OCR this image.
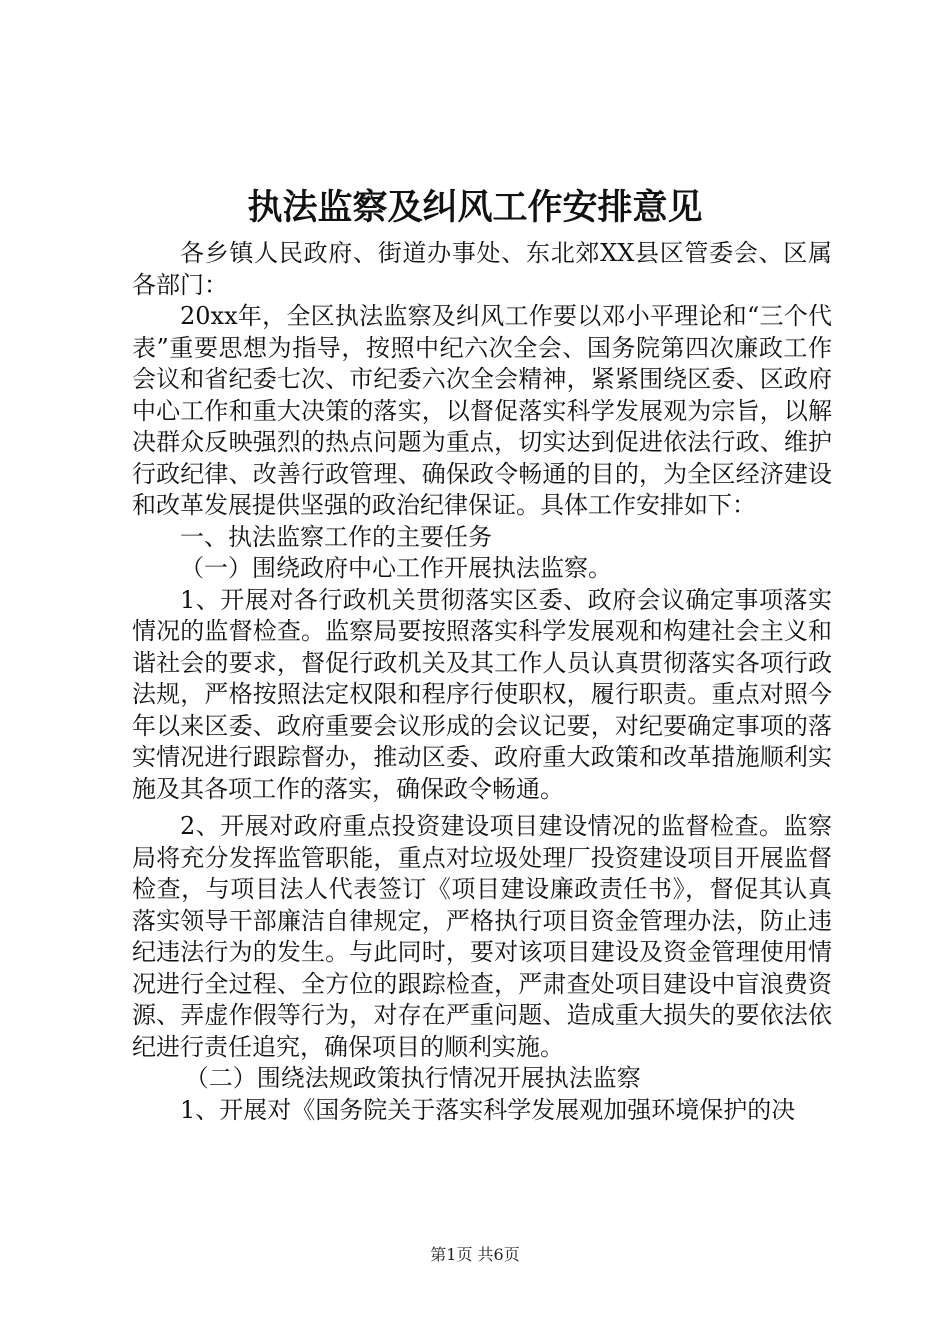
执法监察及纠风工作安排意见

各乡镇人民政府、街道办事处、东北郊XX县区管委会、区属各部门：

20xx年，全区执法监察及纠风工作要以邓小平理论和“三个代表”重要思想为指导，按照中纪六次全会、国务院第四次廉政工作会议和省纪委七次、市纪委六次全会精神，紧紧围绕区委、区政府中心工作和重大决策的落实，以督促落实科学发展观为宗旨，以解决群众反映强烈的热点问题为重点，切实达到促进依法行政、维护行政纪律、改善行政管理、确保政令畅通的目的，为全区经济建设和改革发展提供坚强的政治纪律保证。具体工作安排如下：

一、执法监察工作的主要任务

（一）围绕政府中心工作开展执法监察。

1、开展对各行政机关贯彻落实区委、政府会议确定事项落实情况的监督检查。监察局要按照落实科学发展观和构建社会主义和谐社会的要求，督促行政机关及其工作人员认真贯彻落实各项行政法规，严格按照法定权限和程序行使职权，履行职责。重点对照今年以来区委、政府重要会议形成的会议记要，对纪要确定事项的落实情况进行跟踪督办，推动区委、政府重大政策和改革措施顺利实施及其各项工作的落实，确保政令畅通。

2、开展对政府重点投资建设项目建设情况的监督检查。监察局将充分发挥监管职能，重点对垃圾处理厂投资建设项目开展监督检查，与项目法人代表签订《项目建设廉政责任书》，督促其认真落实领导干部廉洁自律规定，严格执行项目资金管理办法，防止违纪违法行为的发生。与此同时，要对该项目建设及资金管理使用情况进行全过程、全方位的跟踪检查，严肃查处项目建设中盲浪费资源、弄虚作假等行为，对存在严重问题、造成重大损失的要依法依纪进行责任追究，确保项目的顺利实施。

（二）围绕法规政策执行情况开展执法监察

1、开展对《国务院关于落实科学发展观加强环境保护的决

第1页 共6页
